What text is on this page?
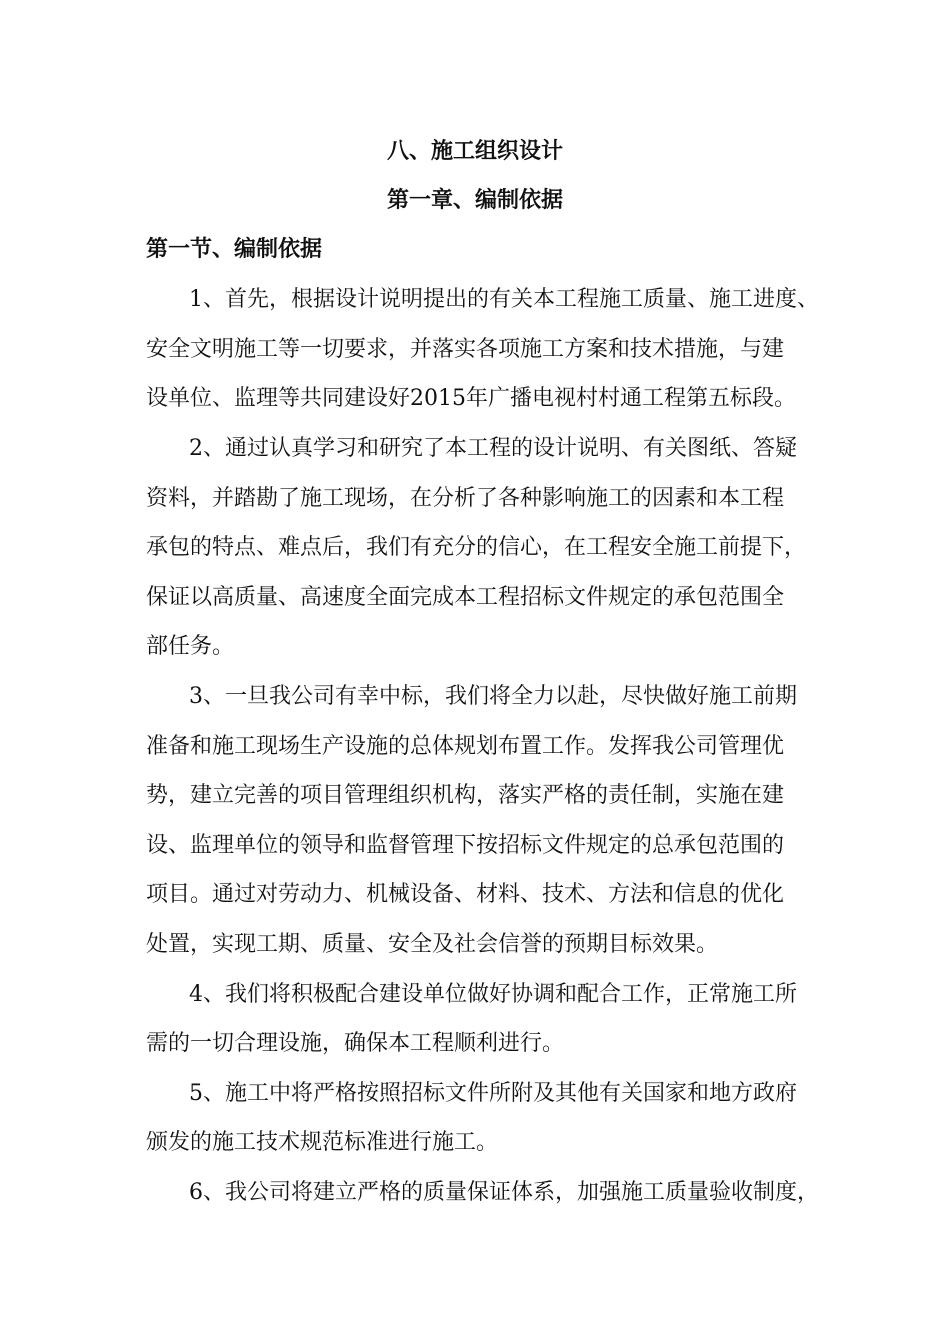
八、施工组织设计
第一章、编制依据
第一节、编制依据
1、首先，根据设计说明提出的有关本工程施工质量、施工进度、
安全文明施工等一切要求，并落实各项施工方案和技术措施，与建
设单位、监理等共同建设好2015年广播电视村村通工程第五标段。
2、通过认真学习和研究了本工程的设计说明、有关图纸、答疑
资料，并踏勘了施工现场，在分析了各种影响施工的因素和本工程
承包的特点、难点后，我们有充分的信心，在工程安全施工前提下，
保证以高质量、高速度全面完成本工程招标文件规定的承包范围全
部任务。
3、一旦我公司有幸中标，我们将全力以赴，尽快做好施工前期
准备和施工现场生产设施的总体规划布置工作。发挥我公司管理优
势，建立完善的项目管理组织机构，落实严格的责任制，实施在建
设、监理单位的领导和监督管理下按招标文件规定的总承包范围的
项目。通过对劳动力、机械设备、材料、技术、方法和信息的优化
处置，实现工期、质量、安全及社会信誉的预期目标效果。
4、我们将积极配合建设单位做好协调和配合工作，正常施工所
需的一切合理设施，确保本工程顺利进行。
5、施工中将严格按照招标文件所附及其他有关国家和地方政府
颁发的施工技术规范标准进行施工。
6、我公司将建立严格的质量保证体系，加强施工质量验收制度，
